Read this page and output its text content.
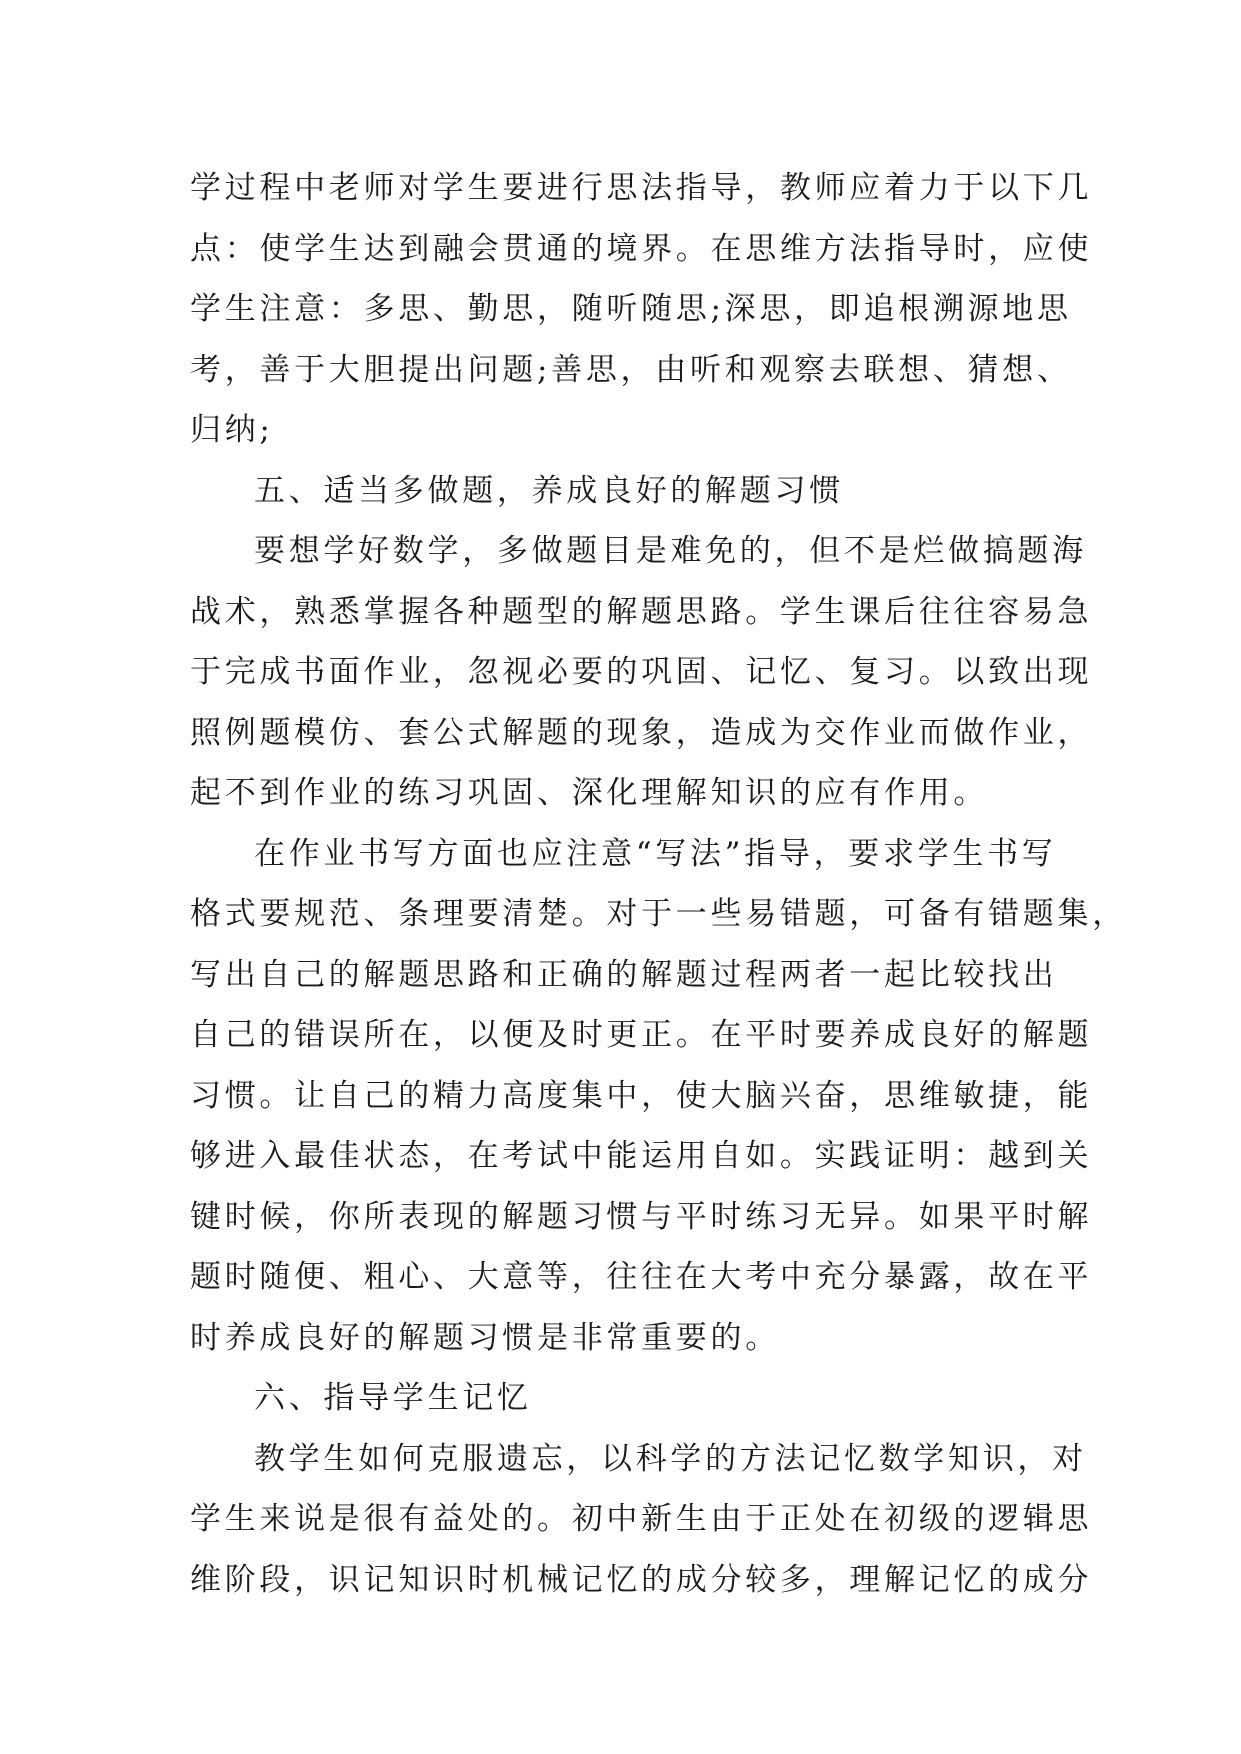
学过程中老师对学生要进行思法指导，教师应着力于以下几
点：使学生达到融会贯通的境界。在思维方法指导时，应使
学生注意：多思、勤思，随听随思;深思，即追根溯源地思
考，善于大胆提出问题;善思，由听和观察去联想、猜想、
归纳;
五、适当多做题，养成良好的解题习惯
要想学好数学，多做题目是难免的，但不是烂做搞题海
战术，熟悉掌握各种题型的解题思路。学生课后往往容易急
于完成书面作业，忽视必要的巩固、记忆、复习。以致出现
照例题模仿、套公式解题的现象，造成为交作业而做作业，
起不到作业的练习巩固、深化理解知识的应有作用。
在作业书写方面也应注意“写法”指导，要求学生书写
格式要规范、条理要清楚。对于一些易错题，可备有错题集，
写出自己的解题思路和正确的解题过程两者一起比较找出
自己的错误所在，以便及时更正。在平时要养成良好的解题
习惯。让自己的精力高度集中，使大脑兴奋，思维敏捷，能
够进入最佳状态，在考试中能运用自如。实践证明：越到关
键时候，你所表现的解题习惯与平时练习无异。如果平时解
题时随便、粗心、大意等，往往在大考中充分暴露，故在平
时养成良好的解题习惯是非常重要的。
六、指导学生记忆
教学生如何克服遗忘，以科学的方法记忆数学知识，对
学生来说是很有益处的。初中新生由于正处在初级的逻辑思
维阶段，识记知识时机械记忆的成分较多，理解记忆的成分
